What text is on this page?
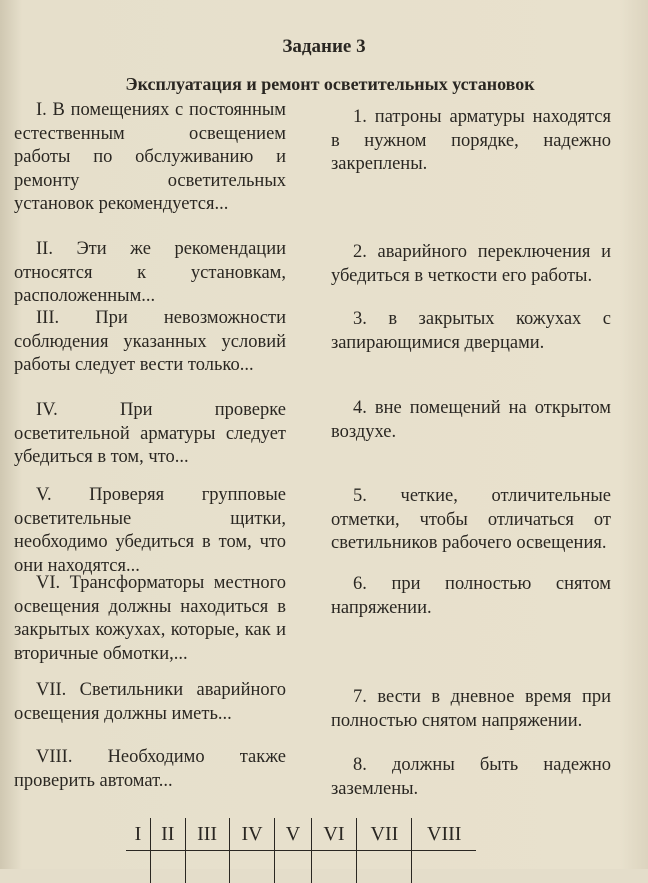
Задание 3
Эксплуатация и ремонт осветительных установок

I. В помещениях с постоянным естественным освещением работы по обслуживанию и ремонту осветительных установок рекомендуется...

II. Эти же рекомендации относятся к установкам, расположенным...

III. При невозможности соблюдения указанных условий работы следует вести только...

IV. При проверке осветительной арматуры следует убедиться в том, что...

V. Проверяя групповые осветительные щитки, необходимо убедиться в том, что они находятся...

VI. Трансформаторы местного освещения должны находиться в закрытых кожухах, которые, как и вторичные обмотки,...

VII. Светильники аварийного освещения должны иметь...

VIII. Необходимо также проверить автомат...

1. патроны арматуры находятся в нужном порядке, надежно закреплены.

2. аварийного переключения и убедиться в четкости его работы.

3. в закрытых кожухах с запирающимися дверцами.

4. вне помещений на открытом воздухе.

5. четкие, отличительные отметки, чтобы отличаться от светильников рабочего освещения.

6. при полностью снятом напряжении.

7. вести в дневное время при полностью снятом напряжении.

8. должны быть надежно заземлены.

I	II	III	IV	V	VI	VII	VIII
